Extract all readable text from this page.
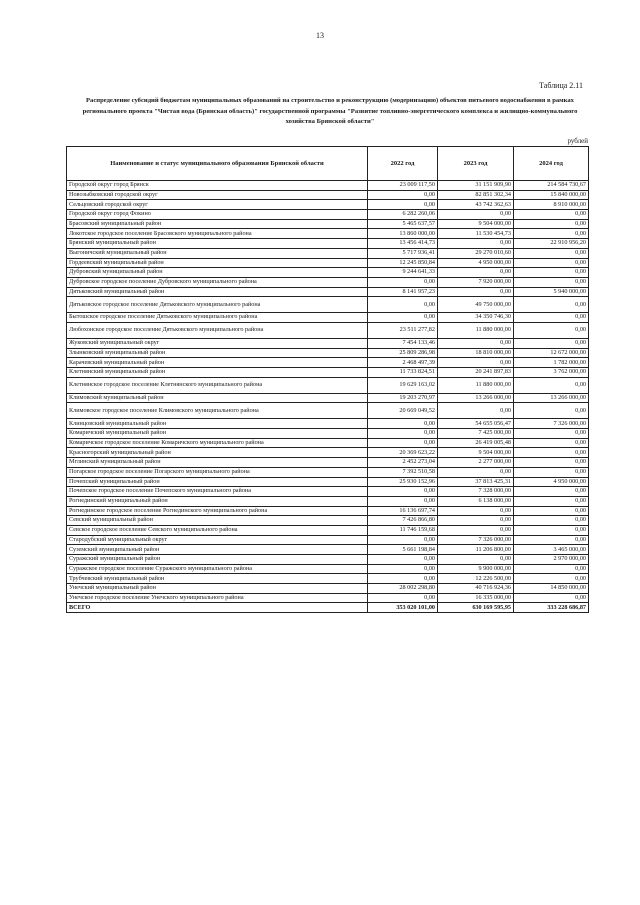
13
Таблица 2.11
Распределение субсидий бюджетам муниципальных образований на строительство и реконструкцию (модернизацию) объектов питьевого водоснабжения в рамках регионального проекта "Чистая вода (Брянская область)" государственной программы "Развитие топливно-энергетического комплекса и жилищно-коммунального хозяйства Брянской области"
рублей
Наименование и статус муниципального образования Брянской области	2022 год	2023 год	2024 год
Городской округ город Брянск	23 009 117,50	31 151 909,90	214 584 730,67
Новозыбковский городской округ	0,00	82 851 302,34	15 840 000,00
Сельцовский городской округ	0,00	43 742 362,63	8 910 000,00
Городской округ город Фокино	6 282 260,06	0,00	0,00
Брасовский муниципальный район	5 465 637,57	9 504 000,00	0,00
Локотское городское поселение Брасовского муниципального района	13 860 000,00	11 530 454,73	0,00
Брянский муниципальный район	13 456 414,73	0,00	22 910 956,20
Выгоничский муниципальный район	5 717 936,41	29 270 010,60	0,00
Гордеевский муниципальный район	12 245 850,84	4 950 000,00	0,00
Дубровский муниципальный район	9 244 641,33	0,00	0,00
Дубровское городское поселение Дубровского муниципального района	0,00	7 920 000,00	0,00
Дятьковский муниципальный район	8 141 957,23	0,00	5 940 000,00
Дятьковское городское поселение Дятьковского муниципального района	0,00	49 750 000,00	0,00
Бытошское городское поселение Дятьковского муниципального района	0,00	34 350 746,30	0,00
Любохонское городское поселение Дятьковского муниципального района	23 511 277,82	11 880 000,00	0,00
Жуковский муниципальный округ	7 454 133,46	0,00	0,00
Злынковский муниципальный район	25 809 286,98	18 810 000,00	12 672 000,00
Карачевский муниципальный район	2 468 497,39	0,00	1 782 000,00
Клетнянский муниципальный район	11 733 824,51	20 241 897,83	3 762 000,00
Клетнянское городское поселение Клетнянского муниципального района	19 629 163,02	11 880 000,00	0,00
Климовский муниципальный район	19 203 270,97	13 266 000,00	13 266 000,00
Климовское городское поселение Климовского муниципального района	20 669 049,52	0,00	0,00
Клинцовский муниципальный район	0,00	54 655 056,47	7 326 000,00
Комаричский муниципальный район	0,00	7 425 000,00	0,00
Комаричское городское поселение Комаричского муниципального района	0,00	26 419 005,48	0,00
Красногорский муниципальный район	20 369 623,22	9 504 000,00	0,00
Мглинский муниципальный район	2 452 273,04	2 277 000,00	0,00
Погарское городское поселение Погарского муниципального района	7 392 510,58	0,00	0,00
Почепский муниципальный район	25 930 152,96	37 813 425,31	4 950 000,00
Почепское городское поселение Почепского муниципального района	0,00	7 328 000,00	0,00
Рогнединский муниципальный район	0,00	6 138 000,00	0,00
Рогнединское городское поселение Рогнединского муниципального района	16 136 697,74	0,00	0,00
Севский муниципальный район	7 426 866,80	0,00	0,00
Севское городское поселение Севского муниципального района	11 746 159,68	0,00	0,00
Стародубский муниципальный округ	0,00	7 326 000,00	0,00
Суземский муниципальный район	5 661 198,84	11 206 800,00	3 465 000,00
Суражский муниципальный район	0,00	0,00	2 970 000,00
Суражское городское поселение Суражского муниципального района	0,00	9 900 000,00	0,00
Трубчевский муниципальный район	0,00	12 226 500,00	0,00
Унечский муниципальный район	28 002 298,80	40 716 924,36	14 850 000,00
Унечское городское поселение Унечского муниципального района	0,00	16 335 000,00	0,00
ВСЕГО	353 020 101,00	630 169 595,95	333 228 686,87
